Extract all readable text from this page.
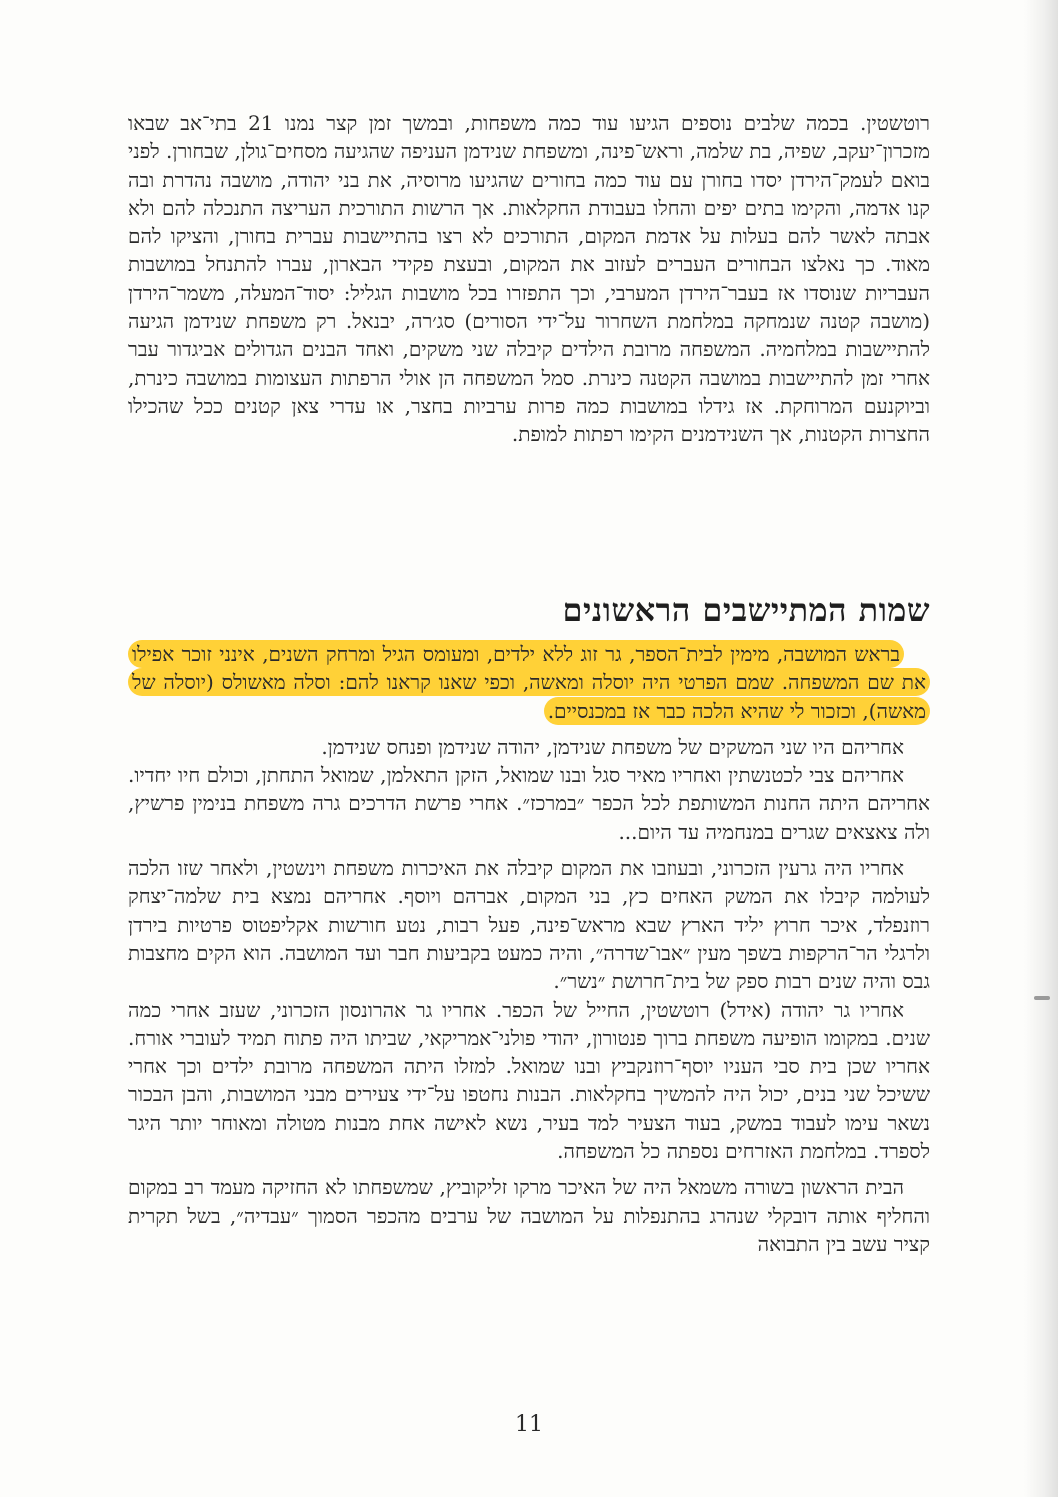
רוטשטין. בכמה שלבים נוספים הגיעו עוד כמה משפחות, ובמשך זמן קצר נמנו 21 בתי־אב שבאו מזכרון־יעקב, שפיה, בת שלמה, וראש־פינה, ומשפחת שנידמן העניפה שהגיעה מסחים־גולן, שבחורן. לפני בואם לעמק־הירדן יסדו בחורן עם עוד כמה בחורים שהגיעו מרוסיה, את בני יהודה, מושבה נהדרת ובה קנו אדמה, והקימו בתים יפים והחלו בעבודת החקלאות. אך הרשות התורכית העריצה התנכלה להם ולא אבתה לאשר להם בעלות על אדמת המקום, התורכים לא רצו בהתיישבות עברית בחורן, והציקו להם מאוד. כך נאלצו הבחורים העברים לעזוב את המקום, ובעצת פקידי הבארון, עברו להתנחל במושבות העבריות שנוסדו אז בעבר־הירדן המערבי, וכך התפזרו בכל מושבות הגליל: יסוד־המעלה, משמר־הירדן (מושבה קטנה שנמחקה במלחמת השחרור על־ידי הסורים) סג׳רה, יבנאל. רק משפחת שנידמן הגיעה להתיישבות במלחמיה. המשפחה מרובת הילדים קיבלה שני משקים, ואחד הבנים הגדולים אביגדור עבר אחרי זמן להתיישבות במושבה הקטנה כינרת. סמל המשפחה הן אולי הרפתות העצומות במושבה כינרת, וביוקנעם המרוחקת. אז גידלו במושבות כמה פרות ערביות בחצר, או עדרי צאן קטנים ככל שהכילו החצרות הקטנות, אך השנידמנים הקימו רפתות למופת.

שמות המתיישבים הראשונים

בראש המושבה, מימין לבית־הספר, גר זוג ללא ילדים, ומעומס הגיל ומרחק השנים, אינני זוכר אפילו את שם המשפחה. שמם הפרטי היה יוסלה ומאשה, וכפי שאנו קראנו להם: וסלה מאשולס (יוסלה של מאשה), וכזכור לי שהיא הלכה כבר אז במכנסיים.

אחריהם היו שני המשקים של משפחת שנידמן, יהודה שנידמן ופנחס שנידמן.

אחריהם צבי לכטנשתין ואחריו מאיר סגל ובנו שמואל, הזקן התאלמן, שמואל התחתן, וכולם חיו יחדיו. אחריהם היתה החנות המשותפת לכל הכפר ״במרכז״. אחרי פרשת הדרכים גרה משפחת בנימין פרשיץ, ולה צאצאים שגרים במנחמיה עד היום...

אחריו היה גרעין הזכרוני, ובעוזבו את המקום קיבלה את האיכרות משפחת וינשטין, ולאחר שזו הלכה לעולמה קיבלו את המשק האחים כץ, בני המקום, אברהם ויוסף. אחריהם נמצא בית שלמה־יצחק רוזנפלד, איכר חרוץ יליד הארץ שבא מראש־פינה, פעל רבות, נטע חורשות אקליפטוס פרטיות בירדן ולרגלי הר־הרקפות בשפך מעין ״אבו־שדרה״, והיה כמעט בקביעות חבר ועד המושבה. הוא הקים מחצבות גבס והיה שנים רבות ספק של בית־חרושת ״נשר״.

אחריו גר יהודה (אידל) רוטשטין, החייל של הכפר. אחריו גר אהרונסון הזכרוני, שעזב אחרי כמה שנים. במקומו הופיעה משפחת ברוך פנטורון, יהודי פולני־אמריקאי, שביתו היה פתוח תמיד לעוברי אורח. אחריו שכן בית סבי העניו יוסף־רוזנקביץ ובנו שמואל. למזלו היתה המשפחה מרובת ילדים וכך אחרי ששיכל שני בנים, יכול היה להמשיך בחקלאות. הבנות נחטפו על־ידי צעירים מבני המושבות, והבן הבכור נשאר עימו לעבוד במשק, בעוד הצעיר למד בעיר, נשא לאישה אחת מבנות מטולה ומאוחר יותר היגר לספרד. במלחמת האזרחים נספתה כל המשפחה.

הבית הראשון בשורה משמאל היה של האיכר מרקו זליקוביץ, שמשפחתו לא החזיקה מעמד רב במקום והחליף אותה דובקלי שנהרג בהתנפלות על המושבה של ערבים מהכפר הסמוך ״עבדיה״, בשל תקרית קציר עשב בין התבואה

11
